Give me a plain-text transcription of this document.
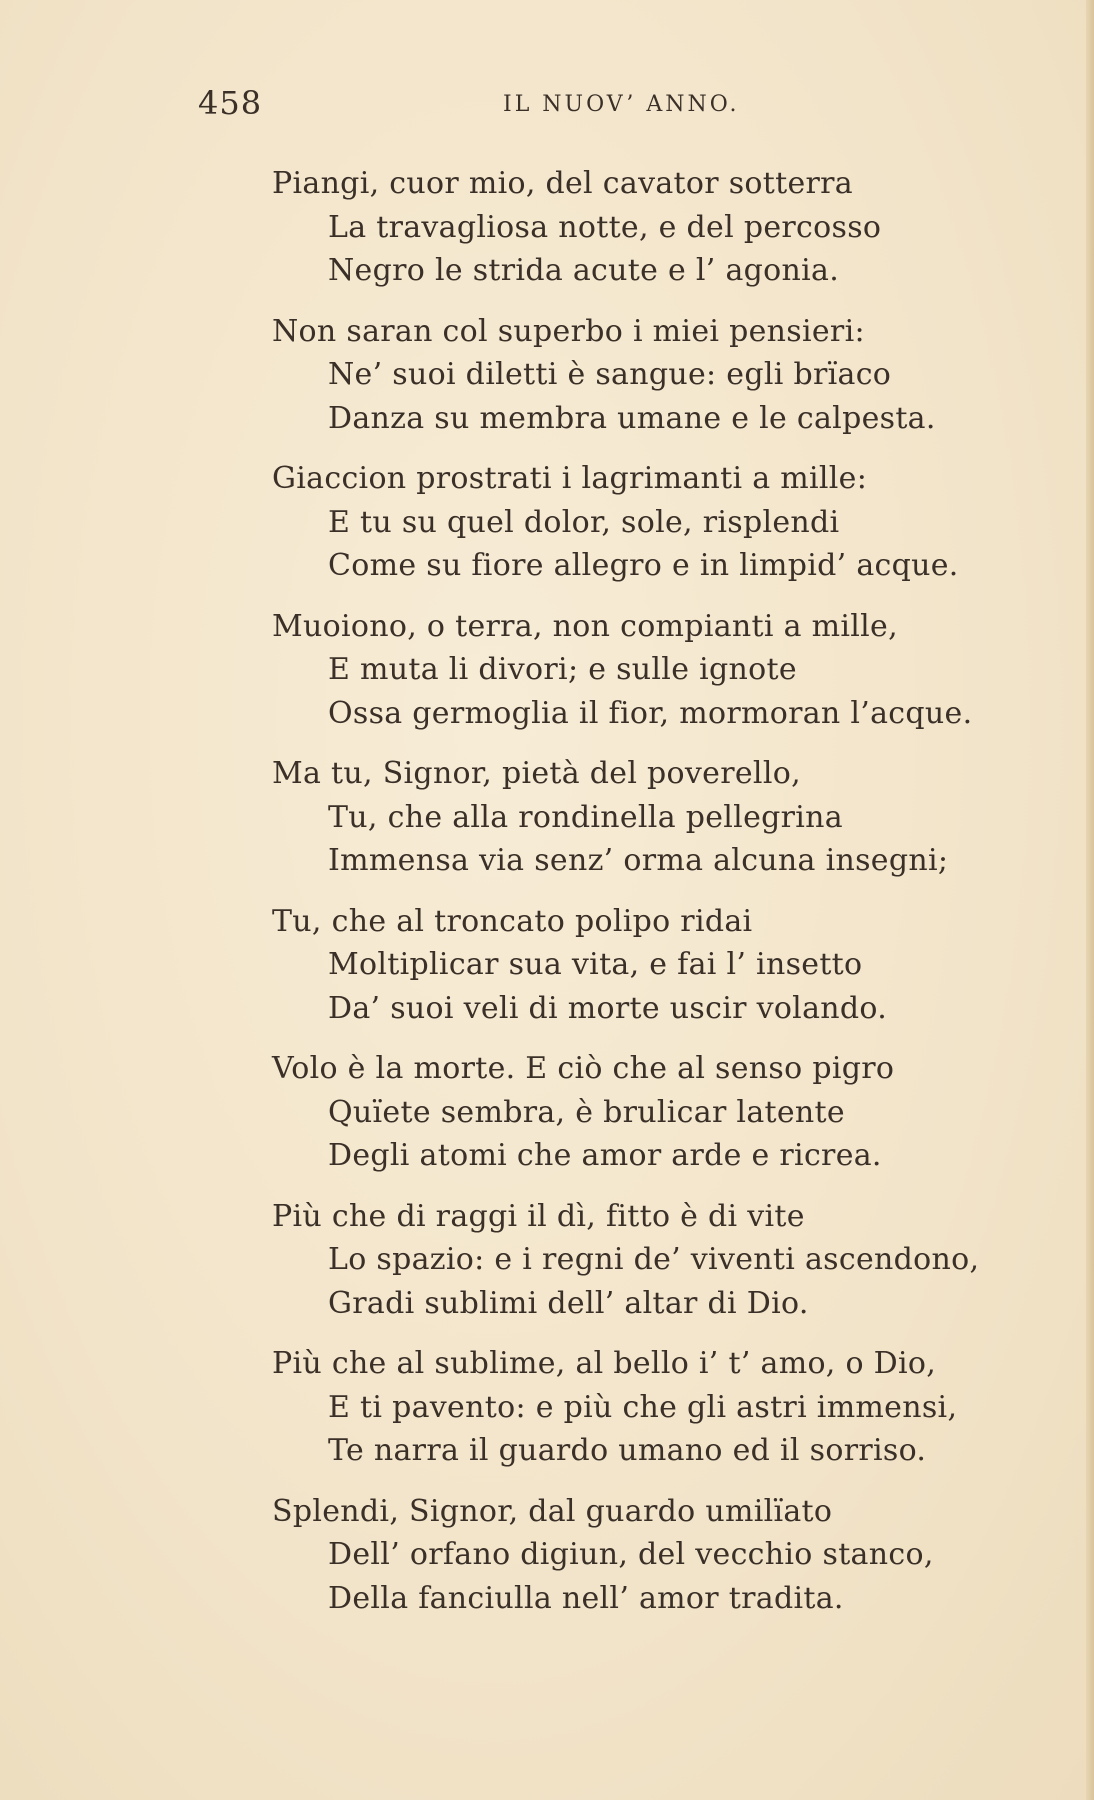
458	IL NUOV’ ANNO.
Piangi, cuor mio, del cavator sotterra
La travagliosa notte, e del percosso
Negro le strida acute e l’ agonia.
Non saran col superbo i miei pensieri:
Ne’ suoi diletti è sangue: egli brïaco
Danza su membra umane e le calpesta.
Giaccion prostrati i lagrimanti a mille:
E tu su quel dolor, sole, risplendi
Come su fiore allegro e in limpid’ acque.
Muoiono, o terra, non compianti a mille,
E muta li divori; e sulle ignote
Ossa germoglia il fior, mormoran l’acque.
Ma tu, Signor, pietà del poverello,
Tu, che alla rondinella pellegrina
Immensa via senz’ orma alcuna insegni;
Tu, che al troncato polipo ridai
Moltiplicar sua vita, e fai l’ insetto
Da’ suoi veli di morte uscir volando.
Volo è la morte. E ciò che al senso pigro
Quïete sembra, è brulicar latente
Degli atomi che amor arde e ricrea.
Più che di raggi il dì, fitto è di vite
Lo spazio: e i regni de’ viventi ascendono,
Gradi sublimi dell’ altar di Dio.
Più che al sublime, al bello i’ t’ amo, o Dio,
E ti pavento: e più che gli astri immensi,
Te narra il guardo umano ed il sorriso.
Splendi, Signor, dal guardo umilïato
Dell’ orfano digiun, del vecchio stanco,
Della fanciulla nell’ amor tradita.
